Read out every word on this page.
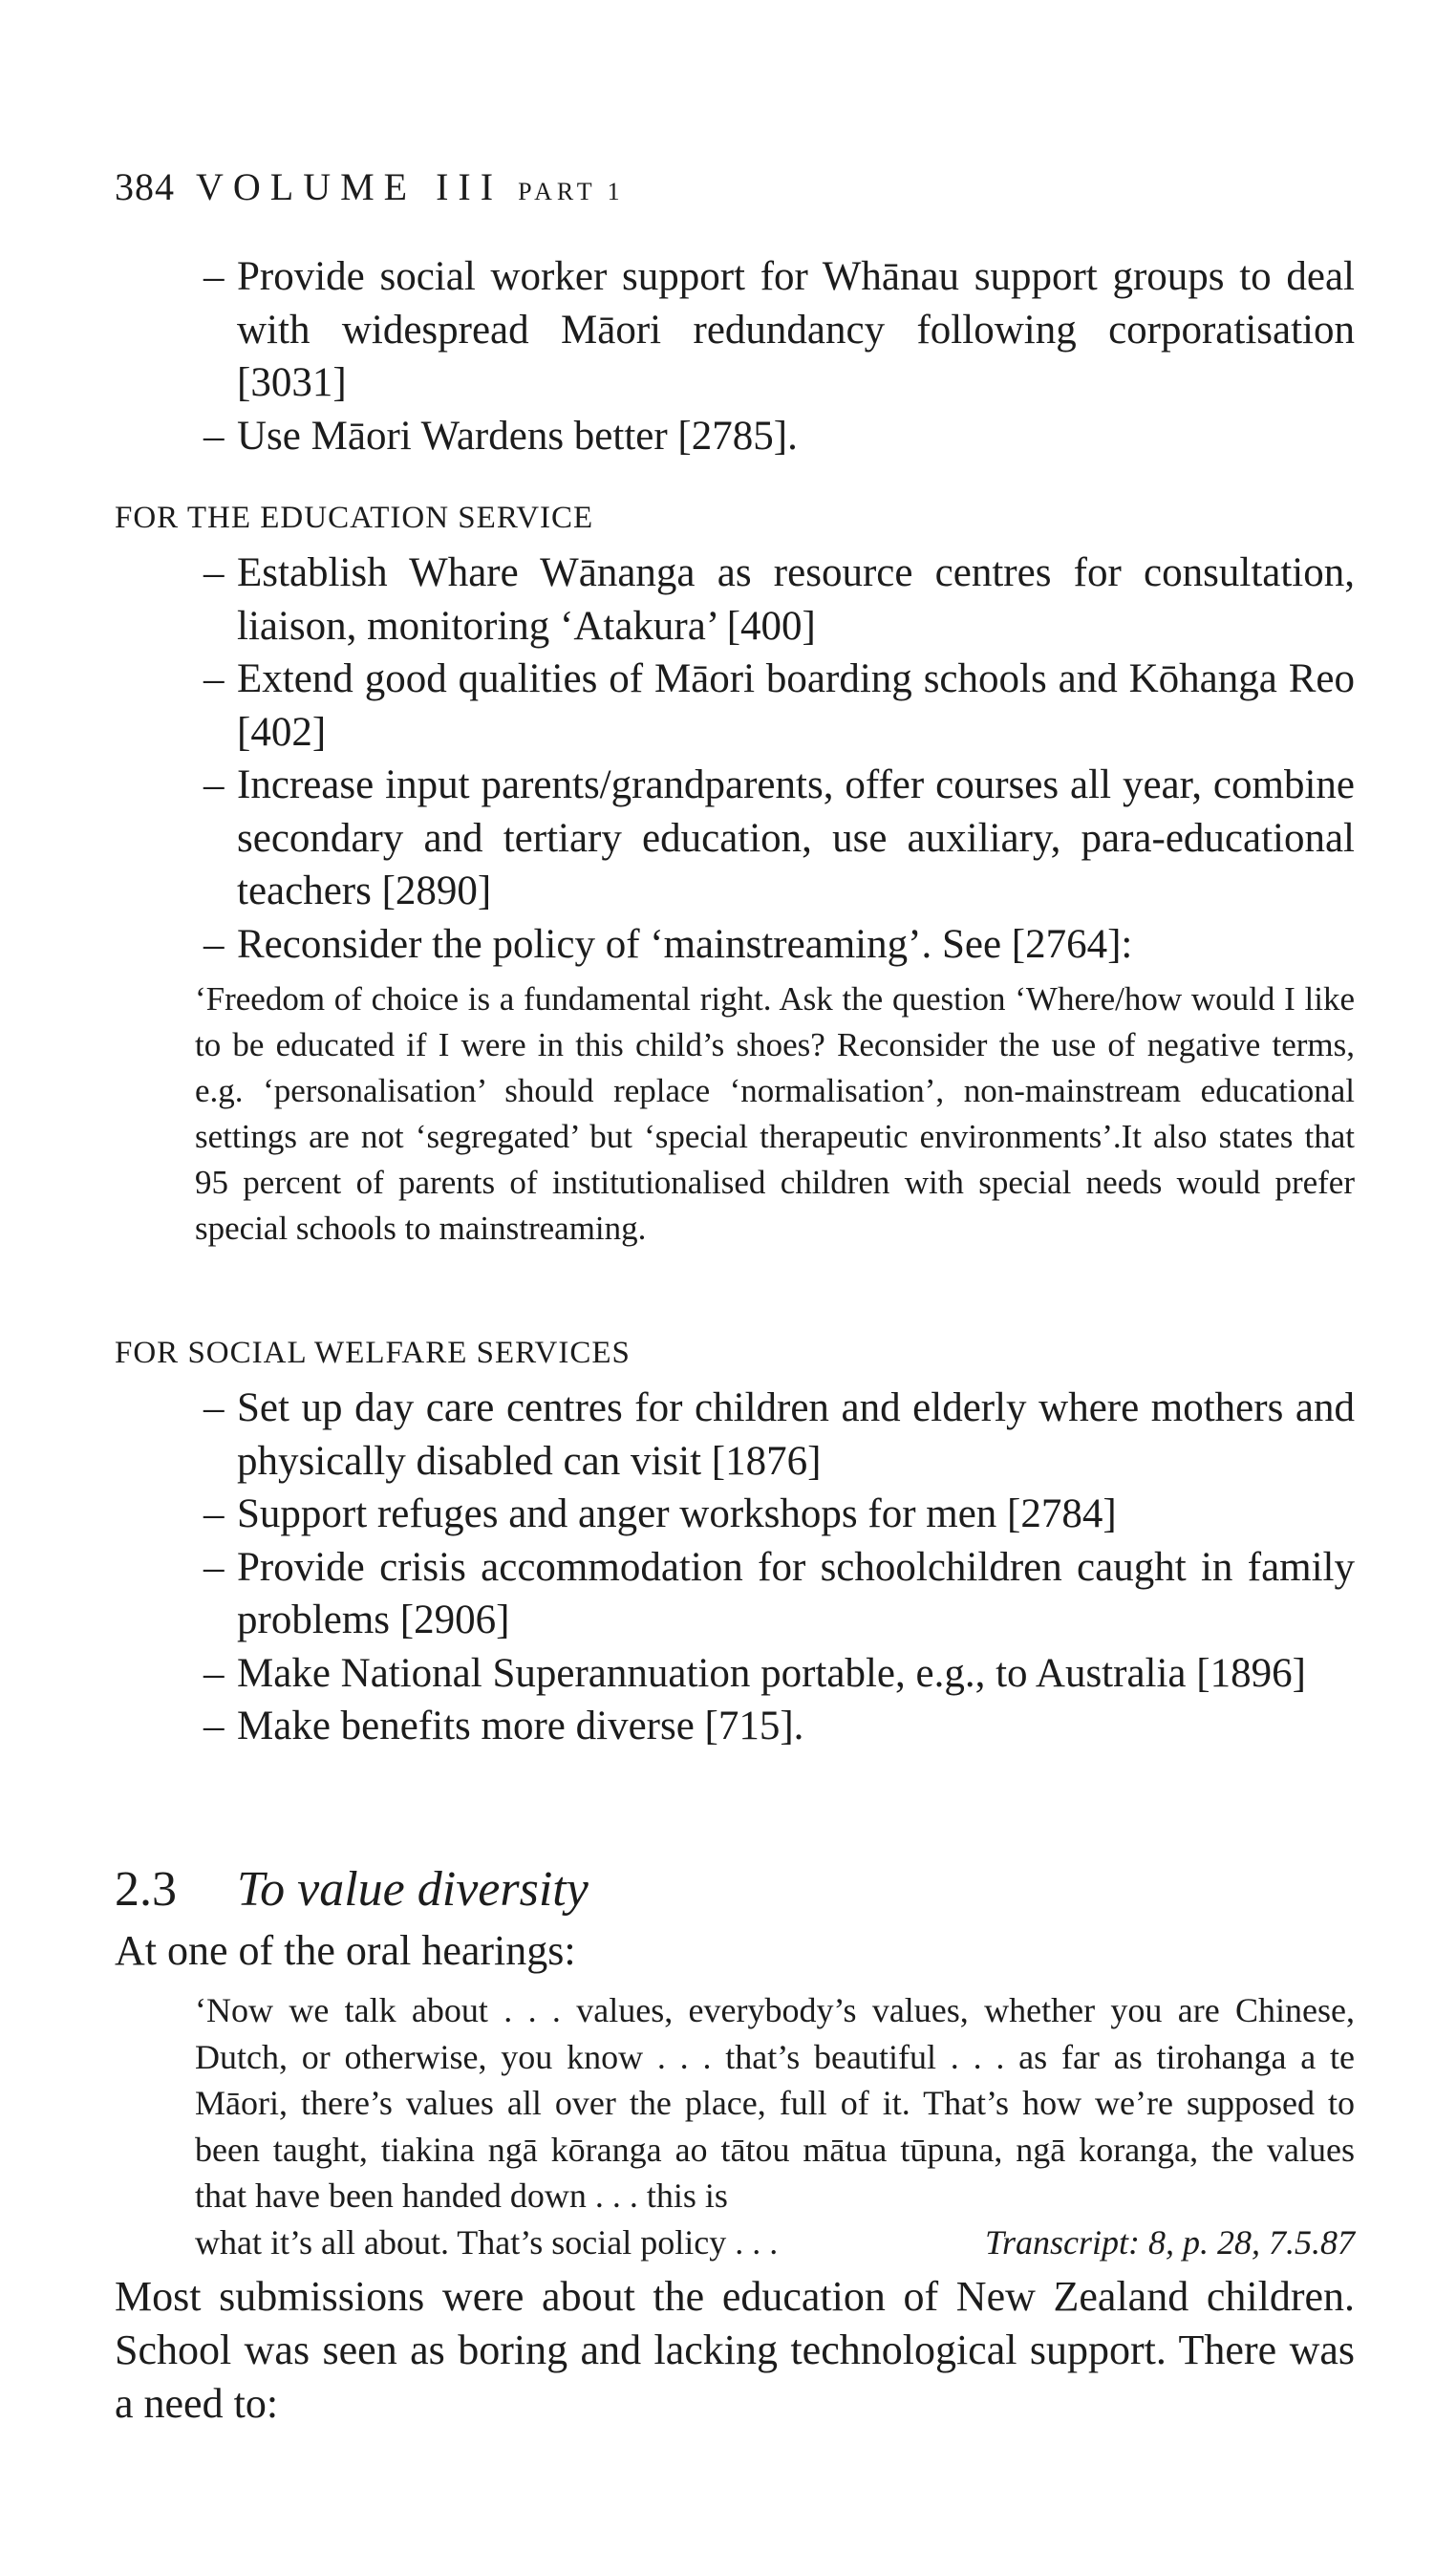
384 VOLUME III PART 1
– Provide social worker support for Whānau support groups to deal with widespread Māori redundancy following corporatisation [3031]
– Use Māori Wardens better [2785].
FOR THE EDUCATION SERVICE
– Establish Whare Wānanga as resource centres for consultation, liaison, monitoring ‘Atakura’ [400]
– Extend good qualities of Māori boarding schools and Kōhanga Reo [402]
– Increase input parents/grandparents, offer courses all year, combine secondary and tertiary education, use auxiliary, para-educational teachers [2890]
– Reconsider the policy of ‘mainstreaming’. See [2764]:
‘Freedom of choice is a fundamental right. Ask the question ‘Where/how would I like to be educated if I were in this child’s shoes? Reconsider the use of negative terms, e.g. ‘personalisation’ should replace ‘normalisation’, non-mainstream educational settings are not ‘segregated’ but ‘special therapeutic environments’.It also states that 95 percent of parents of institutionalised children with special needs would prefer special schools to mainstreaming.
FOR SOCIAL WELFARE SERVICES
– Set up day care centres for children and elderly where mothers and physically disabled can visit [1876]
– Support refuges and anger workshops for men [2784]
– Provide crisis accommodation for schoolchildren caught in family problems [2906]
– Make National Superannuation portable, e.g., to Australia [1896]
– Make benefits more diverse [715].
2.3 To value diversity
At one of the oral hearings:
‘Now we talk about . . . values, everybody’s values, whether you are Chinese, Dutch, or otherwise, you know . . . that’s beautiful . . . as far as tirohanga a te Māori, there’s values all over the place, full of it. That’s how we’re supposed to been taught, tiakina ngā kōranga ao tātou mātua tūpuna, ngā koranga, the values that have been handed down . . . this is
what it’s all about. That’s social policy . . .	Transcript: 8, p. 28, 7.5.87
Most submissions were about the education of New Zealand children. School was seen as boring and lacking technological support. There was a need to:
